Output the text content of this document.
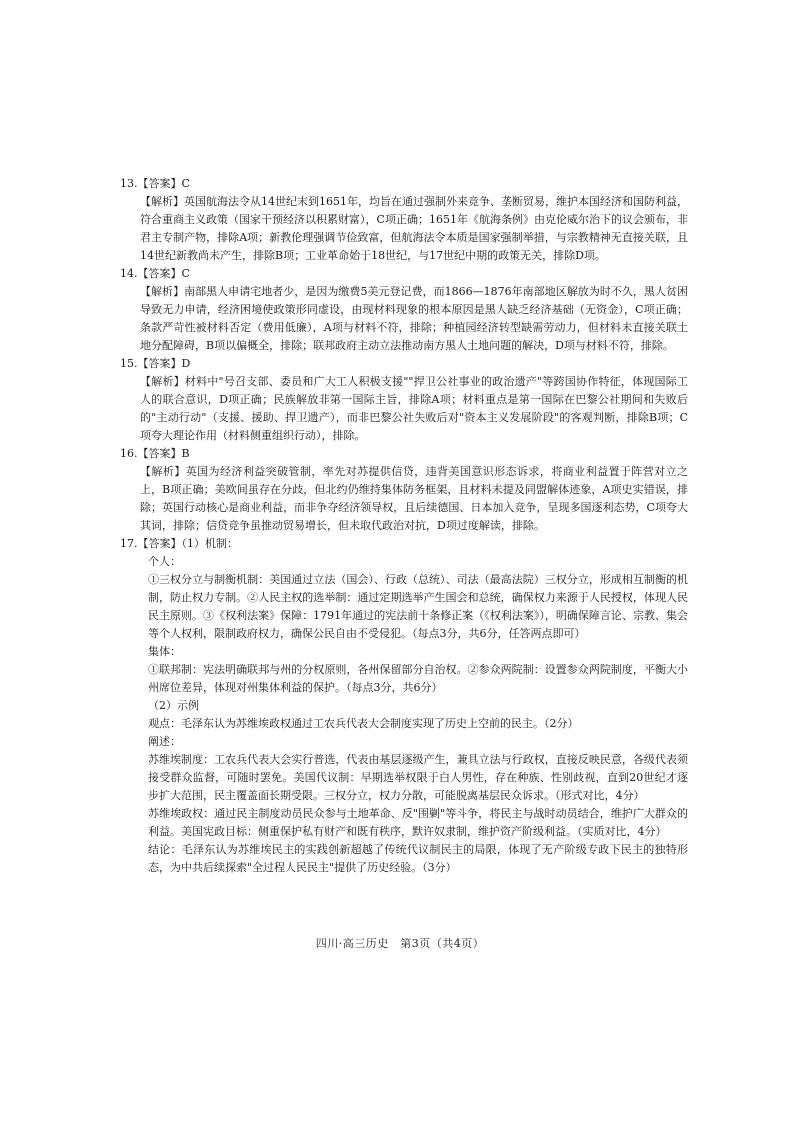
13.【答案】C

【解析】英国航海法令从14世纪末到1651年，均旨在通过强制外来竞争、垄断贸易，维护本国经济和国防利益，符合重商主义政策（国家干预经济以积累财富），C项正确；1651年《航海条例》由克伦威尔治下的议会颁布，非君主专制产物，排除A项；新教伦理强调节俭致富，但航海法令本质是国家强制举措，与宗教精神无直接关联，且14世纪新教尚未产生，排除B项；工业革命始于18世纪，与17世纪中期的政策无关，排除D项。

14.【答案】C

【解析】南部黑人申请宅地者少，是因为缴费5美元登记费，而1866—1876年南部地区解放为时不久，黑人贫困导致无力申请，经济困境使政策形同虚设，由现材料现象的根本原因是黑人缺乏经济基础（无资金），C项正确；条款严苛性被材料否定（费用低廉），A项与材料不符，排除；种植园经济转型缺需劳动力，但材料未直接关联土地分配障碍，B项以偏概全，排除；联邦政府主动立法推动南方黑人土地问题的解决，D项与材料不符，排除。

15.【答案】D

【解析】材料中"号召支部、委员和广大工人积极支援""捍卫公社事业的政治遗产"等跨国协作特征，体现国际工人的联合意识，D项正确；民族解放非第一国际主旨，排除A项；材料重点是第一国际在巴黎公社期间和失败后的"主动行动"（支援、援助、捍卫遗产），而非巴黎公社失败后对"资本主义发展阶段"的客观判断，排除B项；C项夸大理论作用（材料侧重组织行动），排除。

16.【答案】B

【解析】英国为经济利益突破管制，率先对苏提供信贷，违背美国意识形态诉求，将商业利益置于阵营对立之上，B项正确；美欧间虽存在分歧，但北约仍维持集体防务框架，且材料未提及同盟解体迹象，A项史实错误，排除；英国行动核心是商业利益，而非争夺经济领导权，且后续德国、日本加入竞争，呈现多国逐利态势，C项夸大其词，排除；信贷竞争虽推动贸易增长，但未取代政治对抗，D项过度解读，排除。

17.【答案】（1）机制：

个人：

①三权分立与制衡机制：美国通过立法（国会）、行政（总统）、司法（最高法院）三权分立，形成相互制衡的机制，防止权力专制。②人民主权的选举制：通过定期选举产生国会和总统，确保权力来源于人民授权，体现人民民主原则。③《权利法案》保障：1791年通过的宪法前十条修正案（《权利法案》），明确保障言论、宗教、集会等个人权利，限制政府权力，确保公民自由不受侵犯。（每点3分，共6分，任答两点即可）

集体：

①联邦制：宪法明确联邦与州的分权原则，各州保留部分自治权。②参众两院制：设置参众两院制度，平衡大小州席位差异，体现对州集体利益的保护。（每点3分，共6分）

（2）示例

观点：毛泽东认为苏维埃政权通过工农兵代表大会制度实现了历史上空前的民主。（2分）

阐述：

苏维埃制度：工农兵代表大会实行普选，代表由基层逐级产生，兼具立法与行政权，直接反映民意，各级代表须接受群众监督，可随时罢免。美国代议制：早期选举权限于白人男性，存在种族、性别歧视，直到20世纪才逐步扩大范围，民主覆盖面长期受限。三权分立，权力分散，可能脱离基层民众诉求。（形式对比，4分）

苏维埃政权：通过民主制度动员民众参与土地革命、反"围剿"等斗争，将民主与战时动员结合，维护广大群众的利益。美国宪政目标：侧重保护私有财产和既有秩序，默许奴隶制，维护资产阶级利益。（实质对比，4分）

结论：毛泽东认为苏维埃民主的实践创新超越了传统代议制民主的局限，体现了无产阶级专政下民主的独特形态，为中共后续探索"全过程人民民主"提供了历史经验。（3分）

四川·高三历史　第3页（共4页）
